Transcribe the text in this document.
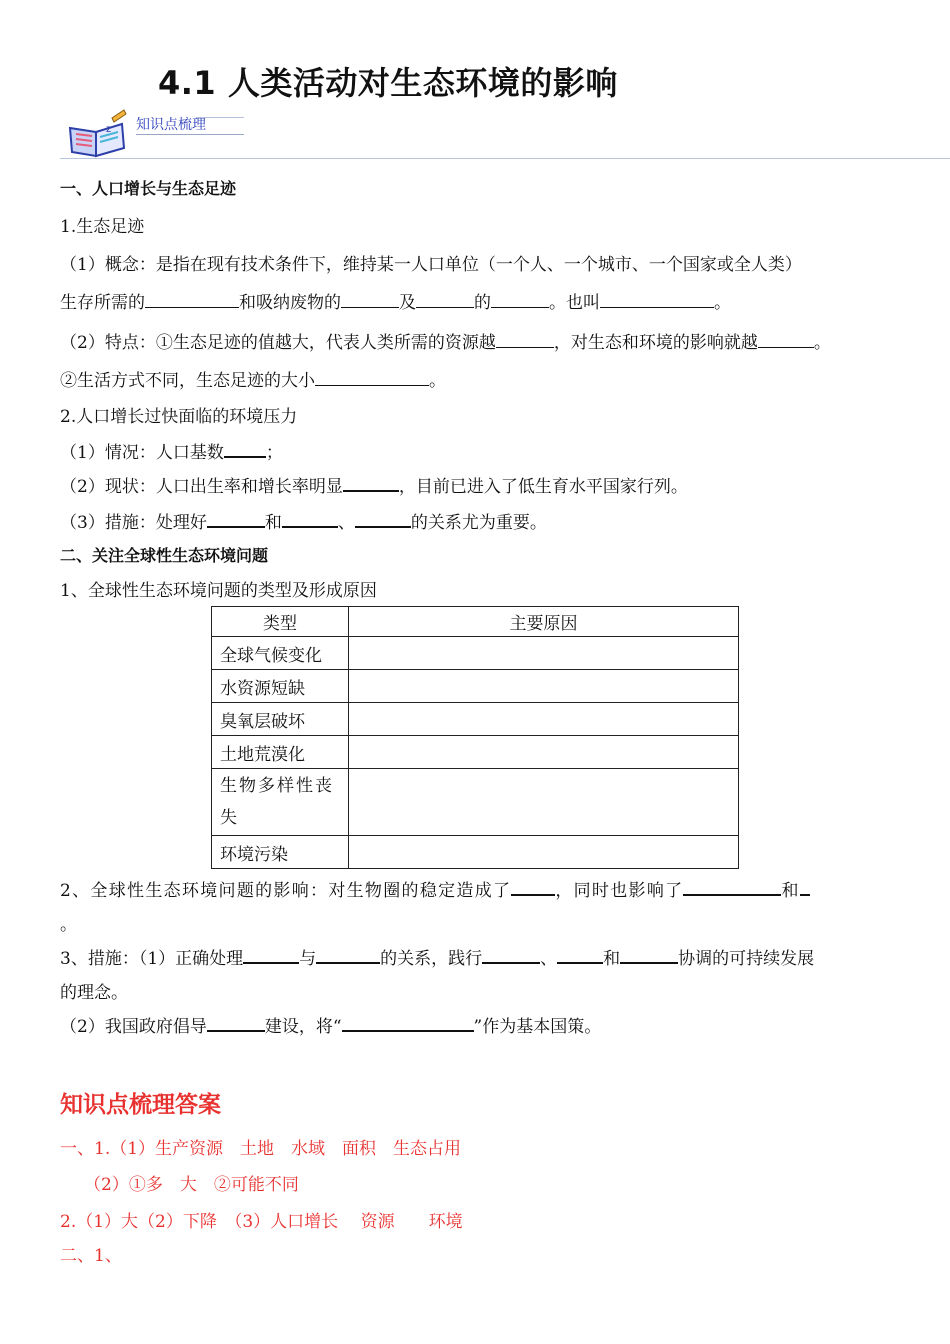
4.1 人类活动对生态环境的影响
z 知识点梳理
一、人口增长与生态足迹
1.生态足迹
（1）概念：是指在现有技术条件下，维持某一人口单位（一个人、一个城市、一个国家或全人类）
生存所需的	和吸纳废物的	及	的	。也叫	。
（2）特点：①生态足迹的值越大，代表人类所需的资源越	，对生态和环境的影响就越	。
②生活方式不同，生态足迹的大小	。
2.人口增长过快面临的环境压力
（1）情况：人口基数 ；
（2）现状：人口出生率和增长率明显	，目前已进入了低生育水平国家行列。
（3）措施：处理好	和	、	的关系尤为重要。
二、关注全球性生态环境问题
1、全球性生态环境问题的类型及形成原因
类型	主要原因
全球气候变化	
水资源短缺	
臭氧层破坏	
土地荒漠化	
生物多样性丧失	
环境污染	
2、全球性生态环境问题的影响：对生物圈的稳定造成了	，同时也影响了	和
。
3、措施：（1）正确处理	与	的关系，践行	、	和	协调的可持续发展
的理念。
（2）我国政府倡导	建设，将“	”作为基本国策。
知识点梳理答案
一、1.（1）生产资源　土地　水域　面积　生态占用
（2）①多　大　②可能不同
2.（1）大（2）下降　（3）人口增长　 资源　　环境
二、1、
